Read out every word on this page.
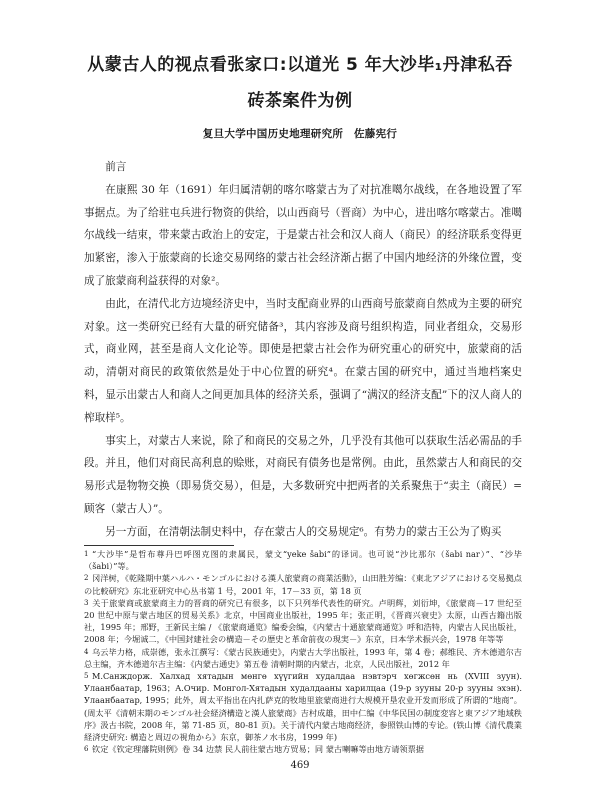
从蒙古人的视点看张家口:以道光 5 年大沙毕₁丹津私吞
砖茶案件为例
复旦大学中国历史地理研究所　佐藤宪行

前言

在康熙 30 年（1691）年归属清朝的喀尔喀蒙古为了对抗准噶尔战线，在各地设置了军事据点。为了给驻屯兵进行物资的供给，以山西商号（晋商）为中心，进出喀尔喀蒙古。准噶尔战线一结束，带来蒙古政治上的安定，于是蒙古社会和汉人商人（商民）的经济联系变得更加紧密，渗入于旅蒙商的长途交易网络的蒙古社会经济渐占据了中国内地经济的外缘位置，变成了旅蒙商利益获得的对象²。

由此，在清代北方边境经济史中，当时支配商业界的山西商号旅蒙商自然成为主要的研究对象。这一类研究已经有大量的研究储备³，其内容涉及商号组织构造，同业者组众，交易形式，商业网，甚至是商人文化论等。即使是把蒙古社会作为研究重心的研究中，旅蒙商的活动，清朝对商民的政策依然是处于中心位置的研究⁴。在蒙古国的研究中，通过当地档案史料，显示出蒙古人和商人之间更加具体的经济关系，强调了“满汉的经济支配”下的汉人商人的榨取样⁵。

事实上，对蒙古人来说，除了和商民的交易之外，几乎没有其他可以获取生活必需品的手段。并且，他们对商民高利息的赊账，对商民有债务也是常例。由此，虽然蒙古人和商民的交易形式是物物交换（即易货交易），但是，大多数研究中把两者的关系聚焦于“卖主（商民）= 顾客（蒙古人）”。

另一方面，在清朝法制史料中，存在蒙古人的交易规定⁶。有势力的蒙古王公为了购买

1 “大沙毕”是哲布尊丹巴呼图克图的隶属民，蒙文“yeke šabi”的译词。也可说“沙比那尔（šabi nar）”、“沙毕（šabi）”等。

2 冈洋树，《乾隆期中葉ハルハ・モンゴルにおける漢人旅蒙商の商業活動》，山田胜芳编：《東北アジアにおける交易拠点の比較研究》东北亚研究中心丛书第 1 号，2001 年，17－33 页，第 18 页

3 关于旅蒙商或旅蒙商主力的晋商的研究已有很多，以下只列举代表性的研究。卢明辉，刘衍坤，《旅蒙商－17 世纪至 20 世纪中原与蒙古地区的贸易关系》北京，中国商业出版社，1995 年；张正明，《晋商兴衰史》太原，山西古籍出版社，1995 年；邢野，王新民主编 / 《旅蒙商通览》编委会编，《内蒙古十通旅蒙商通览》呼和浩特，内蒙古人民出版社，2008 年；今堀诚二，《中国封建社会の構造－その歴史と革命前夜の現実－》东京，日本学术振兴会，1978 年等等

4 乌云毕力格，成崇德，张永江撰写：《蒙古民族通史》，内蒙古大学出版社，1993 年，第 4 卷；郝维民、齐木德道尔吉总主编，齐木德道尔吉主编：《内蒙古通史》第五卷 清朝时期的内蒙古，北京，人民出版社，2012 年

5 M.Санждорж. Халхад хятадын мөнгө хүүгийн худалдаа нэвтэрч хөгжсөн нь (XVIII зуун). Улаанбаатар, 1963；А.Очир. Монгол-Хятадын худалдааны харилцаа (19-р зууны 20-р зууны эхэн). Улаанбаатар, 1995；此外，周太平指出在内扎萨克的牧地里旅蒙商进行大规模开垦农业开发而形成了所谓的“地商”。(周太平《清朝末期のモンゴル社会経済構造と漢人旅蒙商》吉村成雄，田中仁编《中华民国の制度変容と東アジア地域秩序》汲古书院，2008 年，第 71-85 页，80-81 页)。关于清代内蒙古地商经济，参照铁山博的专论。(铁山博《清代農業経済史研究: 構造と周辺の視角から》东京，御茶ノ水书房，1999 年)

6 钦定《钦定理藩院则例》卷 34 边禁 民人前往蒙古地方贸易；同 蒙古喇嘛等由地方请领票据

469
